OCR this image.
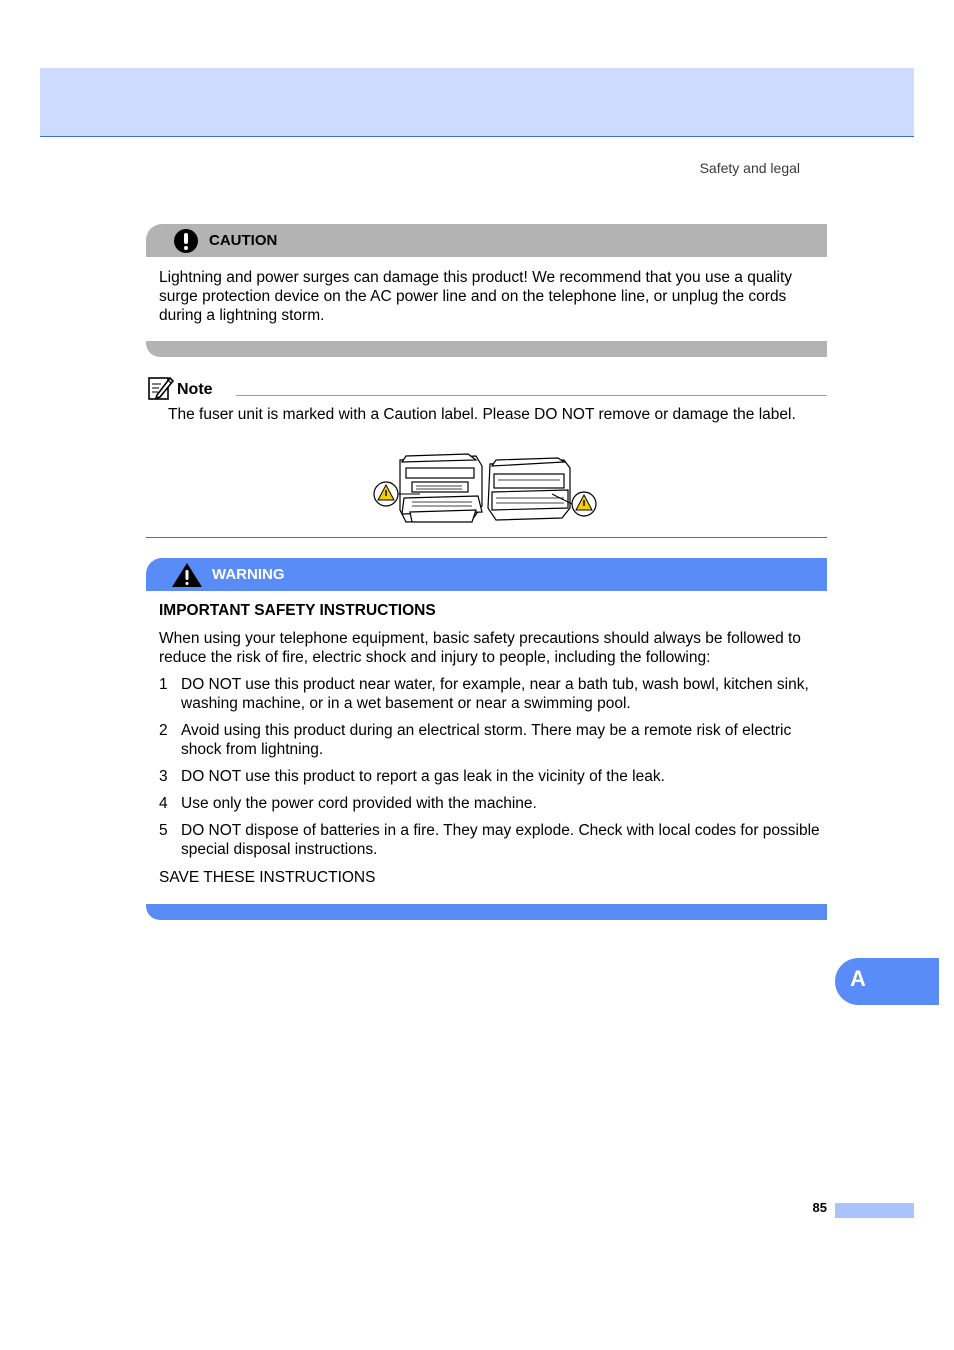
Safety and legal
CAUTION
Lightning and power surges can damage this product! We recommend that you use a quality surge protection device on the AC power line and on the telephone line, or unplug the cords during a lightning storm.
Note
The fuser unit is marked with a Caution label. Please DO NOT remove or damage the label.
WARNING
IMPORTANT SAFETY INSTRUCTIONS
When using your telephone equipment, basic safety precautions should always be followed to reduce the risk of fire, electric shock and injury to people, including the following:
1 DO NOT use this product near water, for example, near a bath tub, wash bowl, kitchen sink, washing machine, or in a wet basement or near a swimming pool.
2 Avoid using this product during an electrical storm. There may be a remote risk of electric shock from lightning.
3 DO NOT use this product to report a gas leak in the vicinity of the leak.
4 Use only the power cord provided with the machine.
5 DO NOT dispose of batteries in a fire. They may explode. Check with local codes for possible special disposal instructions.
SAVE THESE INSTRUCTIONS
A
85
